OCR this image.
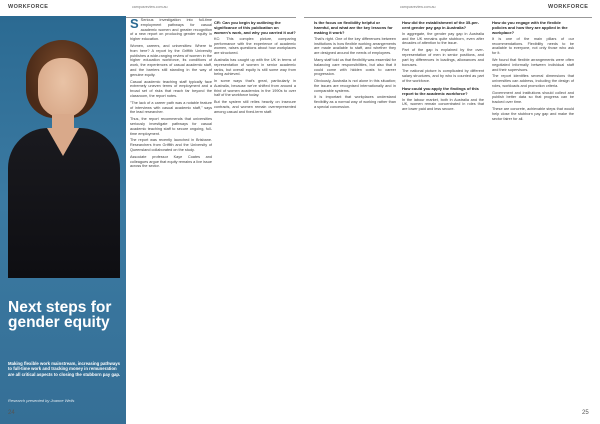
WORKFORCE	campusreview.com.au
Next steps for gender equity
Making flexible work mainstream, increasing pathways to full-time work and tracking money in remuneration are all critical aspects to closing the stubborn pay gap.
Research presented by Joanne Wells
S Serious investigation into full-time employment pathways for casual academic women and greater recognition of a new report on producing gender equity in higher education.

Women, careers, and universities: Where to from here? A report by the Griffith University publishes a wide-ranging review of women in the higher education workforce, its conditions of work, the experiences of casual academic staff, and the barriers still standing in the way of genuine equity.

Casual academic teaching staff typically face extremely uneven terms of employment and a broad set of risks that reach far beyond the classroom, the report notes.

"The lack of a career path was a notable feature of interviews with casual academic staff," says the lead researcher.

Thus, the report recommends that universities seriously investigate pathways for casual academic teaching staff to secure ongoing, full-time employment.

The report was recently launched in Brisbane. Researchers from Griffith and the University of Queensland collaborated on the study.

Associate professor Kaye Coates and colleagues argue that equity remains a live issue across the sector.

CR: Can you begin by outlining the significance of this publication on women's work, and why you carried it out?

KC: This complex picture, comparing performance with the experience of academic women, raises questions about how workplaces are structured.

Australia has caught up with the UK in terms of representation of women in senior academic ranks, but overall equity is still some way from being achieved.

In some ways that's great, particularly in Australia, because we've shifted from around a third of women academics in the 1990s to over half of the workforce today.

But the system still relies heavily on insecure contracts, and women remain overrepresented among casual and fixed-term staff.

24
campusreview.com.au	WORKFORCE
Is the focus on flexibility helpful or harmful, and what are the key lessons for making it work?

That's right. One of the key differences between institutions is how flexible working arrangements are made available to staff, and whether they are designed around the needs of employees.

Many staff told us that flexibility was essential for balancing care responsibilities, but also that it could come with hidden costs to career progression.

Obviously, Australia is not alone in this situation; the issues are recognised internationally and in comparable systems.

It is important that workplaces understand flexibility as a normal way of working rather than a special concession.

How did the establishment of the 35-per-cent gender pay gap in Australia?

In aggregate, the gender pay gap in Australia and the UK remains quite stubborn, even after decades of attention to the issue.

Part of the gap is explained by the over-representation of men in senior positions, and part by differences in loadings, allowances and bonuses.

The national picture is complicated by different salary structures, and by who is counted as part of the workforce.

How could you apply the findings of this report to the academic workforce?

In the labour market, both in Australia and the UK, women remain concentrated in roles that are lower paid and less secure.

How do you engage with the flexible policies and how they are applied in the workplace?

It is one of the main pillars of our recommendations. Flexibility needs to be available to everyone, not only those who ask for it.

We found that flexible arrangements were often negotiated informally between individual staff and their supervisors.

The report identifies several dimensions that universities can address, including the design of roles, workloads and promotion criteria.

Government and institutions should collect and publish better data so that progress can be tracked over time.

These are concrete, achievable steps that would help close the stubborn pay gap and make the sector fairer for all.

25
